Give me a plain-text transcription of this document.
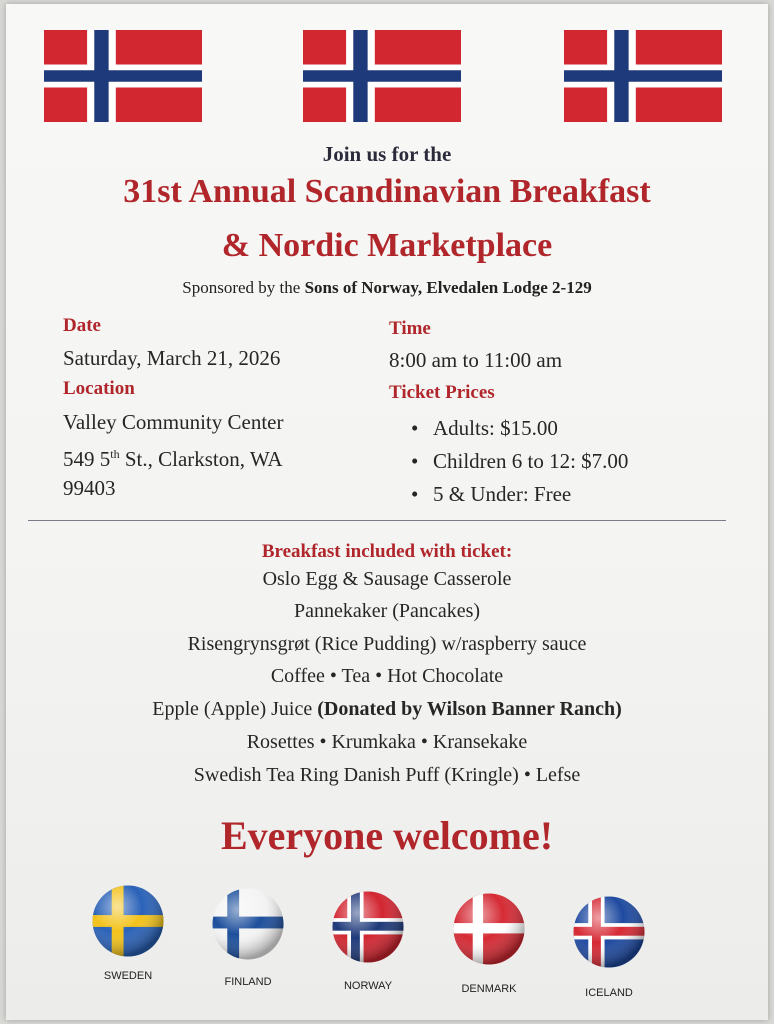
Join us for the
31st Annual Scandinavian Breakfast
& Nordic Marketplace
Sponsored by the Sons of Norway, Elvedalen Lodge 2-129
Date
Saturday, March 21, 2026
Location
Valley Community Center
549 5th St., Clarkston, WA
99403
Time
8:00 am to 11:00 am
Ticket Prices
• Adults: $15.00
• Children 6 to 12: $7.00
• 5 & Under: Free
Breakfast included with ticket:
Oslo Egg & Sausage Casserole
Pannekaker (Pancakes)
Risengrynsgrøt (Rice Pudding) w/raspberry sauce
Coffee • Tea • Hot Chocolate
Epple (Apple) Juice (Donated by Wilson Banner Ranch)
Rosettes • Krumkaka • Kransekake
Swedish Tea Ring Danish Puff (Kringle) • Lefse
Everyone welcome!
SWEDEN	FINLAND	NORWAY	DENMARK	ICELAND
